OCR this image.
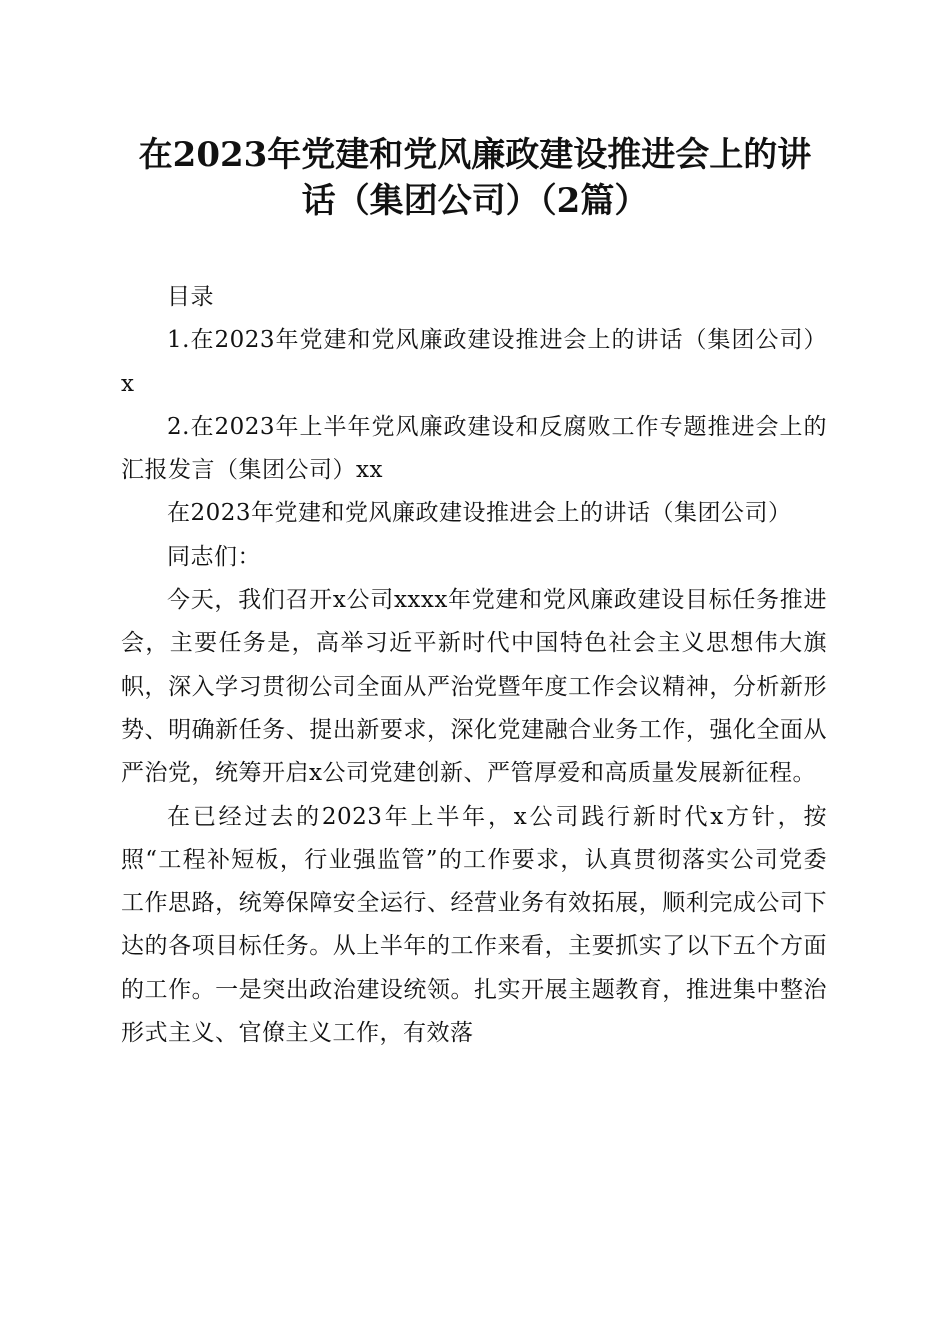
在2023年党建和党风廉政建设推进会上的讲
话（集团公司）（2篇）

目录

1.在2023年党建和党风廉政建设推进会上的讲话（集团公司）x

2.在2023年上半年党风廉政建设和反腐败工作专题推进会上的汇报发言（集团公司）xx

在2023年党建和党风廉政建设推进会上的讲话（集团公司）

同志们：

今天，我们召开x公司xxxx年党建和党风廉政建设目标任务推进会，主要任务是，高举习近平新时代中国特色社会主义思想伟大旗帜，深入学习贯彻公司全面从严治党暨年度工作会议精神，分析新形势、明确新任务、提出新要求，深化党建融合业务工作，强化全面从严治党，统筹开启x公司党建创新、严管厚爱和高质量发展新征程。

在已经过去的2023年上半年，x公司践行新时代x方针，按照“工程补短板，行业强监管”的工作要求，认真贯彻落实公司党委工作思路，统筹保障安全运行、经营业务有效拓展，顺利完成公司下达的各项目标任务。从上半年的工作来看，主要抓实了以下五个方面的工作。一是突出政治建设统领。扎实开展主题教育，推进集中整治形式主义、官僚主义工作，有效落
